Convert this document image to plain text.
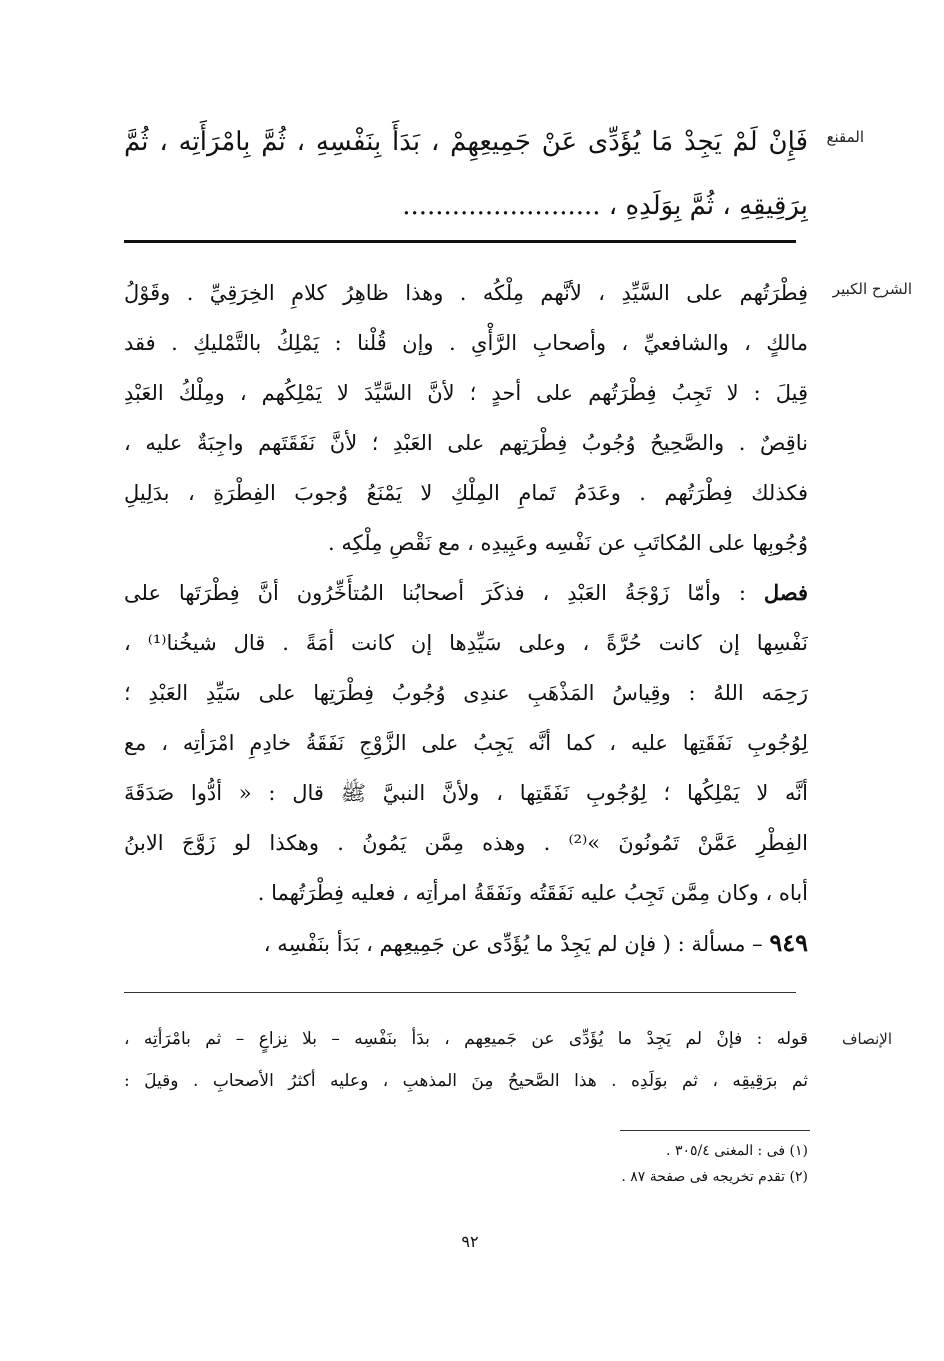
المقنع
فَإِنْ لَمْ يَجِدْ مَا يُؤَدِّى عَنْ جَمِيعِهِمْ ، بَدَأَ بِنَفْسِهِ ، ثُمَّ بِامْرَأَتِه ، ثُمَّ
بِرَقِيقِهِ ، ثُمَّ بِوَلَدِهِ ، ........................
الشرح الكبير
فِطْرَتُهم على السَّيِّدِ ، لأنَّهم مِلْكُه . وهذا ظاهِرُ كلامِ الخِرَقِيِّ . وقَوْلُ
مالكٍ ، والشافعيِّ ، وأصحابِ الرَّأْىِ . وإن قُلْنا : يَمْلِكُ بالتَّمْليكِ . فقد
قِيلَ : لا تَجِبُ فِطْرَتُهم على أحدٍ ؛ لأنَّ السَّيِّدَ لا يَمْلِكُهم ، ومِلْكُ العَبْدِ
ناقِصٌ . والصَّحِيحُ وُجُوبُ فِطْرَتِهم على العَبْدِ ؛ لأنَّ نَفَقَتَهم واجِبَةٌ عليه ،
فكذلك فِطْرَتُهم . وعَدَمُ تَمامِ المِلْكِ لا يَمْنَعُ وُجوبَ الفِطْرَةِ ، بدَلِيلِ
وُجُوبِها على المُكاتَبِ عن نَفْسِه وعَبِيدِه ، مع نَقْصِ مِلْكِه .
فصل : وأمّا زَوْجَةُ العَبْدِ ، فذكَرَ أصحابُنا المُتأَخِّرُون أنَّ فِطْرَتَها على
نَفْسِها إن كانت حُرَّةً ، وعلى سَيِّدِها إن كانت أمَةً . قال شيخُنا⁽¹⁾ ،
رَحِمَه اللهُ : وقِياسُ المَذْهَبِ عندِى وُجُوبُ فِطْرَتِها على سَيِّدِ العَبْدِ ؛
لِوُجُوبِ نَفَقَتِها عليه ، كما أنَّه يَجِبُ على الزَّوْجِ نَفَقَةُ خادِمِ امْرَأتِه ، مع
أنَّه لا يَمْلِكُها ؛ لِوُجُوبِ نَفَقَتِها ، ولأنَّ النبيَّ ﷺ قال : « أدُّوا صَدَقَةَ
الفِطْرِ عَمَّنْ تَمُونُونَ »⁽²⁾ . وهذه مِمَّن يَمُونُ . وهكذا لو زَوَّجَ الابنُ
أباه ، وكان مِمَّن تَجِبُ عليه نَفَقَتُه ونَفَقَةُ امرأتِه ، فعليه فِطْرَتُهما .
٩٤٩ – مسألة : ( فإن لم يَجِدْ ما يُؤَدِّى عن جَمِيعِهم ، بَدَأ بنَفْسِه ،
الإنصاف
قوله : فإنْ لم يَجِدْ ما يُؤَدِّى عن جَميعِهم ، بدَأ بنَفْسِه – بلا نِزاعٍ – ثم بامْرَأتِه ،
ثم برَقِيقِه ، ثم بوَلَدِه . هذا الصَّحيحُ مِنَ المذهبِ ، وعليه أكثرُ الأصحابِ . وقيلَ :
(١) فى : المغنى ٣٠٥/٤ .
(٢) تقدم تخريجه فى صفحة ٨٧ .
٩٢
